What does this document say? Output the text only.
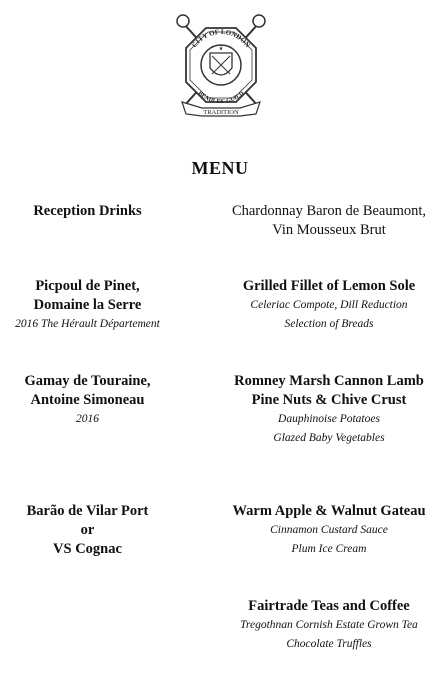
♛
CITY OF LONDON
BEADLES' GUILD
TRADITION
MENU
Reception Drinks	Chardonnay Baron de Beaumont,
Vin Mousseux Brut
Picpoul de Pinet,
Domaine la Serre
2016 The Hérault Département
Grilled Fillet of Lemon Sole
Celeriac Compote, Dill Reduction
Selection of Breads
Gamay de Touraine,
Antoine Simoneau
2016
Romney Marsh Cannon Lamb
Pine Nuts & Chive Crust
Dauphinoise Potatoes
Glazed Baby Vegetables
Barão de Vilar Port
or
VS Cognac
Warm Apple & Walnut Gateau
Cinnamon Custard Sauce
Plum Ice Cream
Fairtrade Teas and Coffee
Tregothnan Cornish Estate Grown Tea
Chocolate Truffles
